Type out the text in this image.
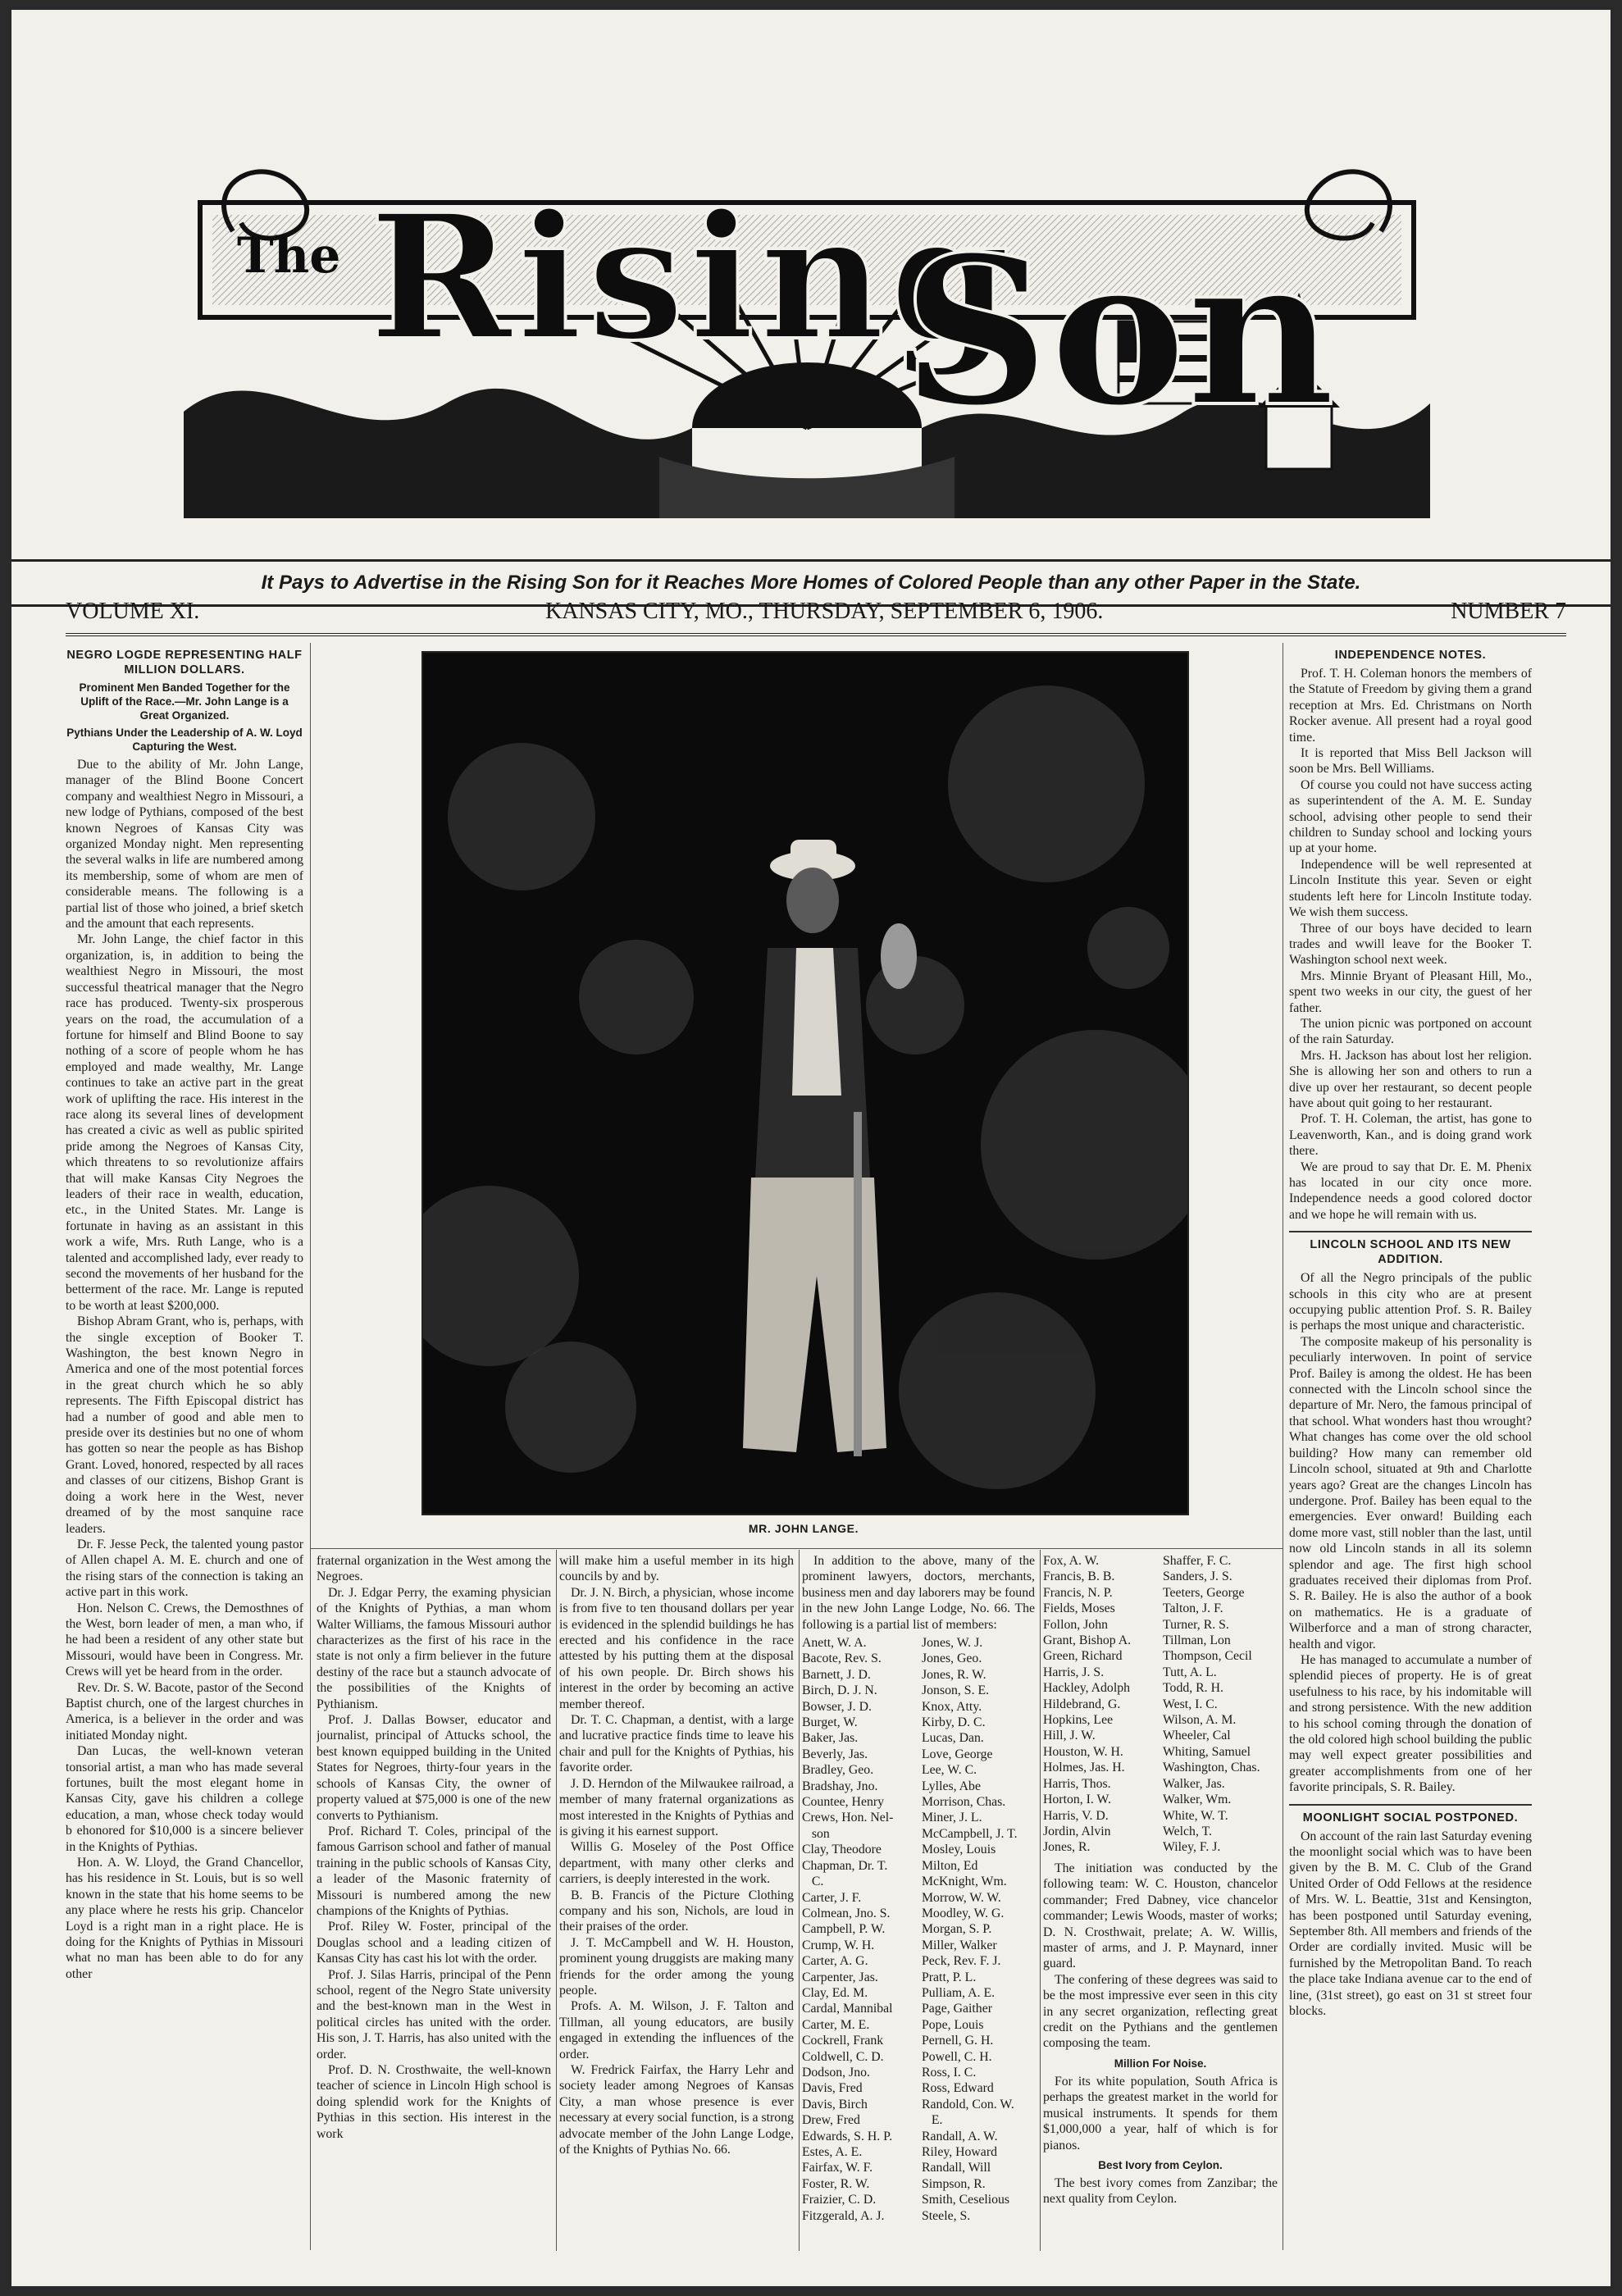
Rising
Son
The
It Pays to Advertise in the Rising Son for it Reaches More Homes of Colored People than any other Paper in the State.
VOLUME XI.	KANSAS CITY, MO., THURSDAY, SEPTEMBER 6, 1906.	NUMBER 7
MR. JOHN LANGE.
NEGRO LOGDE REPRESENTING HALF MILLION DOLLARS.
Prominent Men Banded Together for the Uplift of the Race.—Mr. John Lange is a Great Organized.
Pythians Under the Leadership of A. W. Loyd Capturing the West.

Due to the ability of Mr. John Lange, manager of the Blind Boone Concert company and wealthiest Negro in Missouri, a new lodge of Pythians, composed of the best known Negroes of Kansas City was organized Monday night. Men representing the several walks in life are numbered among its membership, some of whom are men of considerable means. The following is a partial list of those who joined, a brief sketch and the amount that each represents.

Mr. John Lange, the chief factor in this organization, is, in addition to being the wealthiest Negro in Missouri, the most successful theatrical manager that the Negro race has produced. Twenty-six prosperous years on the road, the accumulation of a fortune for himself and Blind Boone to say nothing of a score of people whom he has employed and made wealthy, Mr. Lange continues to take an active part in the great work of uplifting the race. His interest in the race along its several lines of development has created a civic as well as public spirited pride among the Negroes of Kansas City, which threatens to so revolutionize affairs that will make Kansas City Negroes the leaders of their race in wealth, education, etc., in the United States. Mr. Lange is fortunate in having as an assistant in this work a wife, Mrs. Ruth Lange, who is a talented and accomplished lady, ever ready to second the movements of her husband for the betterment of the race. Mr. Lange is reputed to be worth at least $200,000.

Bishop Abram Grant, who is, perhaps, with the single exception of Booker T. Washington, the best known Negro in America and one of the most potential forces in the great church which he so ably represents. The Fifth Episcopal district has had a number of good and able men to preside over its destinies but no one of whom has gotten so near the people as has Bishop Grant. Loved, honored, respected by all races and classes of our citizens, Bishop Grant is doing a work here in the West, never dreamed of by the most sanquine race leaders.

Dr. F. Jesse Peck, the talented young pastor of Allen chapel A. M. E. church and one of the rising stars of the connection is taking an active part in this work.

Hon. Nelson C. Crews, the Demosthnes of the West, born leader of men, a man who, if he had been a resident of any other state but Missouri, would have been in Congress. Mr. Crews will yet be heard from in the order.

Rev. Dr. S. W. Bacote, pastor of the Second Baptist church, one of the largest churches in America, is a believer in the order and was initiated Monday night.

Dan Lucas, the well-known veteran tonsorial artist, a man who has made several fortunes, built the most elegant home in Kansas City, gave his children a college education, a man, whose check today would b ehonored for $10,000 is a sincere believer in the Knights of Pythias.

Hon. A. W. Lloyd, the Grand Chancellor, has his residence in St. Louis, but is so well known in the state that his home seems to be any place where he rests his grip. Chancelor Loyd is a right man in a right place. He is doing for the Knights of Pythias in Missouri what no man has been able to do for any other

fraternal organization in the West among the Negroes.

Dr. J. Edgar Perry, the examing physician of the Knights of Pythias, a man whom Walter Williams, the famous Missouri author characterizes as the first of his race in the state is not only a firm believer in the future destiny of the race but a staunch advocate of the possibilities of the Knights of Pythianism.

Prof. J. Dallas Bowser, educator and journalist, principal of Attucks school, the best known equipped building in the United States for Negroes, thirty-four years in the schools of Kansas City, the owner of property valued at $75,000 is one of the new converts to Pythianism.

Prof. Richard T. Coles, principal of the famous Garrison school and father of manual training in the public schools of Kansas City, a leader of the Masonic fraternity of Missouri is numbered among the new champions of the Knights of Pythias.

Prof. Riley W. Foster, principal of the Douglas school and a leading citizen of Kansas City has cast his lot with the order.

Prof. J. Silas Harris, principal of the Penn school, regent of the Negro State university and the best-known man in the West in political circles has united with the order. His son, J. T. Harris, has also united with the order.

Prof. D. N. Crosthwaite, the well-known teacher of science in Lincoln High school is doing splendid work for the Knights of Pythias in this section. His interest in the work

will make him a useful member in its high councils by and by.

Dr. J. N. Birch, a physician, whose income is from five to ten thousand dollars per year is evidenced in the splendid buildings he has erected and his confidence in the race attested by his putting them at the disposal of his own people. Dr. Birch shows his interest in the order by becoming an active member thereof.

Dr. T. C. Chapman, a dentist, with a large and lucrative practice finds time to leave his chair and pull for the Knights of Pythias, his favorite order.

J. D. Herndon of the Milwaukee railroad, a member of many fraternal organizations as most interested in the Knights of Pythias and is giving it his earnest support.

Willis G. Moseley of the Post Office department, with many other clerks and carriers, is deeply interested in the work.

B. B. Francis of the Picture Clothing company and his son, Nichols, are loud in their praises of the order.

J. T. McCampbell and W. H. Houston, prominent young druggists are making many friends for the order among the young people.

Profs. A. M. Wilson, J. F. Talton and Tillman, all young educators, are busily engaged in extending the influences of the order.

W. Fredrick Fairfax, the Harry Lehr and society leader among Negroes of Kansas City, a man whose presence is ever necessary at every social function, is a strong advocate member of the John Lange Lodge, of the Knights of Pythias No. 66.

In addition to the above, many of the prominent lawyers, doctors, merchants, business men and day laborers may be found in the new John Lange Lodge, No. 66. The following is a partial list of members:

Anett, W. A.
Bacote, Rev. S.
Barnett, J. D.
Birch, D. J. N.
Bowser, J. D.
Burget, W.
Baker, Jas.
Beverly, Jas.
Bradley, Geo.
Bradshay, Jno.
Countee, Henry
Crews, Hon. Nel-
son
Clay, Theodore
Chapman, Dr. T.
C.
Carter, J. F.
Colmean, Jno. S.
Campbell, P. W.
Crump, W. H.
Carter, A. G.
Carpenter, Jas.
Clay, Ed. M.
Cardal, Mannibal
Carter, M. E.
Cockrell, Frank
Coldwell, C. D.
Dodson, Jno.
Davis, Fred
Davis, Birch
Drew, Fred
Edwards, S. H. P.
Estes, A. E.
Fairfax, W. F.
Foster, R. W.
Fraizier, C. D.
Fitzgerald, A. J.
Jones, W. J.
Jones, Geo.
Jones, R. W.
Jonson, S. E.
Knox, Atty.
Kirby, D. C.
Lucas, Dan.
Love, George
Lee, W. C.
Lylles, Abe
Morrison, Chas.
Miner, J. L.
McCampbell, J. T.
Mosley, Louis
Milton, Ed
McKnight, Wm.
Morrow, W. W.
Moodley, W. G.
Morgan, S. P.
Miller, Walker
Peck, Rev. F. J.
Pratt, P. L.
Pulliam, A. E.
Page, Gaither
Pope, Louis
Pernell, G. H.
Powell, C. H.
Ross, I. C.
Ross, Edward
Randold, Con. W.
E.
Randall, A. W.
Riley, Howard
Randall, Will
Simpson, R.
Smith, Ceselious
Steele, S.
Fox, A. W.
Francis, B. B.
Francis, N. P.
Fields, Moses
Follon, John
Grant, Bishop A.
Green, Richard
Harris, J. S.
Hackley, Adolph
Hildebrand, G.
Hopkins, Lee
Hill, J. W.
Houston, W. H.
Holmes, Jas. H.
Harris, Thos.
Horton, I. W.
Harris, V. D.
Jordin, Alvin
Jones, R.
Shaffer, F. C.
Sanders, J. S.
Teeters, George
Talton, J. F.
Turner, R. S.
Tillman, Lon
Thompson, Cecil
Tutt, A. L.
Todd, R. H.
West, I. C.
Wilson, A. M.
Wheeler, Cal
Whiting, Samuel
Washington, Chas.
Walker, Jas.
Walker, Wm.
White, W. T.
Welch, T.
Wiley, F. J.

The initiation was conducted by the following team: W. C. Houston, chancelor commander; Fred Dabney, vice chancelor commander; Lewis Woods, master of works; D. N. Crosthwait, prelate; A. W. Willis, master of arms, and J. P. Maynard, inner guard.

The confering of these degrees was said to be the most impressive ever seen in this city in any secret organization, reflecting great credit on the Pythians and the gentlemen composing the team.

Million For Noise.

For its white population, South Africa is perhaps the greatest market in the world for musical instruments. It spends for them $1,000,000 a year, half of which is for pianos.

Best Ivory from Ceylon.

The best ivory comes from Zanzibar; the next quality from Ceylon.

INDEPENDENCE NOTES.

Prof. T. H. Coleman honors the members of the Statute of Freedom by giving them a grand reception at Mrs. Ed. Christmans on North Rocker avenue. All present had a royal good time.

It is reported that Miss Bell Jackson will soon be Mrs. Bell Williams.

Of course you could not have success acting as superintendent of the A. M. E. Sunday school, advising other people to send their children to Sunday school and locking yours up at your home.

Independence will be well represented at Lincoln Institute this year. Seven or eight students left here for Lincoln Institute today. We wish them success.

Three of our boys have decided to learn trades and wwill leave for the Booker T. Washington school next week.

Mrs. Minnie Bryant of Pleasant Hill, Mo., spent two weeks in our city, the guest of her father.

The union picnic was portponed on account of the rain Saturday.

Mrs. H. Jackson has about lost her religion. She is allowing her son and others to run a dive up over her restaurant, so decent people have about quit going to her restaurant.

Prof. T. H. Coleman, the artist, has gone to Leavenworth, Kan., and is doing grand work there.

We are proud to say that Dr. E. M. Phenix has located in our city once more. Independence needs a good colored doctor and we hope he will remain with us.

LINCOLN SCHOOL AND ITS NEW ADDITION.

Of all the Negro principals of the public schools in this city who are at present occupying public attention Prof. S. R. Bailey is perhaps the most unique and characteristic.

The composite makeup of his personality is peculiarly interwoven. In point of service Prof. Bailey is among the oldest. He has been connected with the Lincoln school since the departure of Mr. Nero, the famous principal of that school. What wonders hast thou wrought? What changes has come over the old school building? How many can remember old Lincoln school, situated at 9th and Charlotte years ago? Great are the changes Lincoln has undergone. Prof. Bailey has been equal to the emergencies. Ever onward! Building each dome more vast, still nobler than the last, until now old Lincoln stands in all its solemn splendor and age. The first high school graduates received their diplomas from Prof. S. R. Bailey. He is also the author of a book on mathematics. He is a graduate of Wilberforce and a man of strong character, health and vigor.

He has managed to accumulate a number of splendid pieces of property. He is of great usefulness to his race, by his indomitable will and strong persistence. With the new addition to his school coming through the donation of the old colored high school building the public may well expect greater possibilities and greater accomplishments from one of her favorite principals, S. R. Bailey.

MOONLIGHT SOCIAL POSTPONED.

On account of the rain last Saturday evening the moonlight social which was to have been given by the B. M. C. Club of the Grand United Order of Odd Fellows at the residence of Mrs. W. L. Beattie, 31st and Kensington, has been postponed until Saturday evening, September 8th. All members and friends of the Order are cordially invited. Music will be furnished by the Metropolitan Band. To reach the place take Indiana avenue car to the end of line, (31st street), go east on 31 st street four blocks.
